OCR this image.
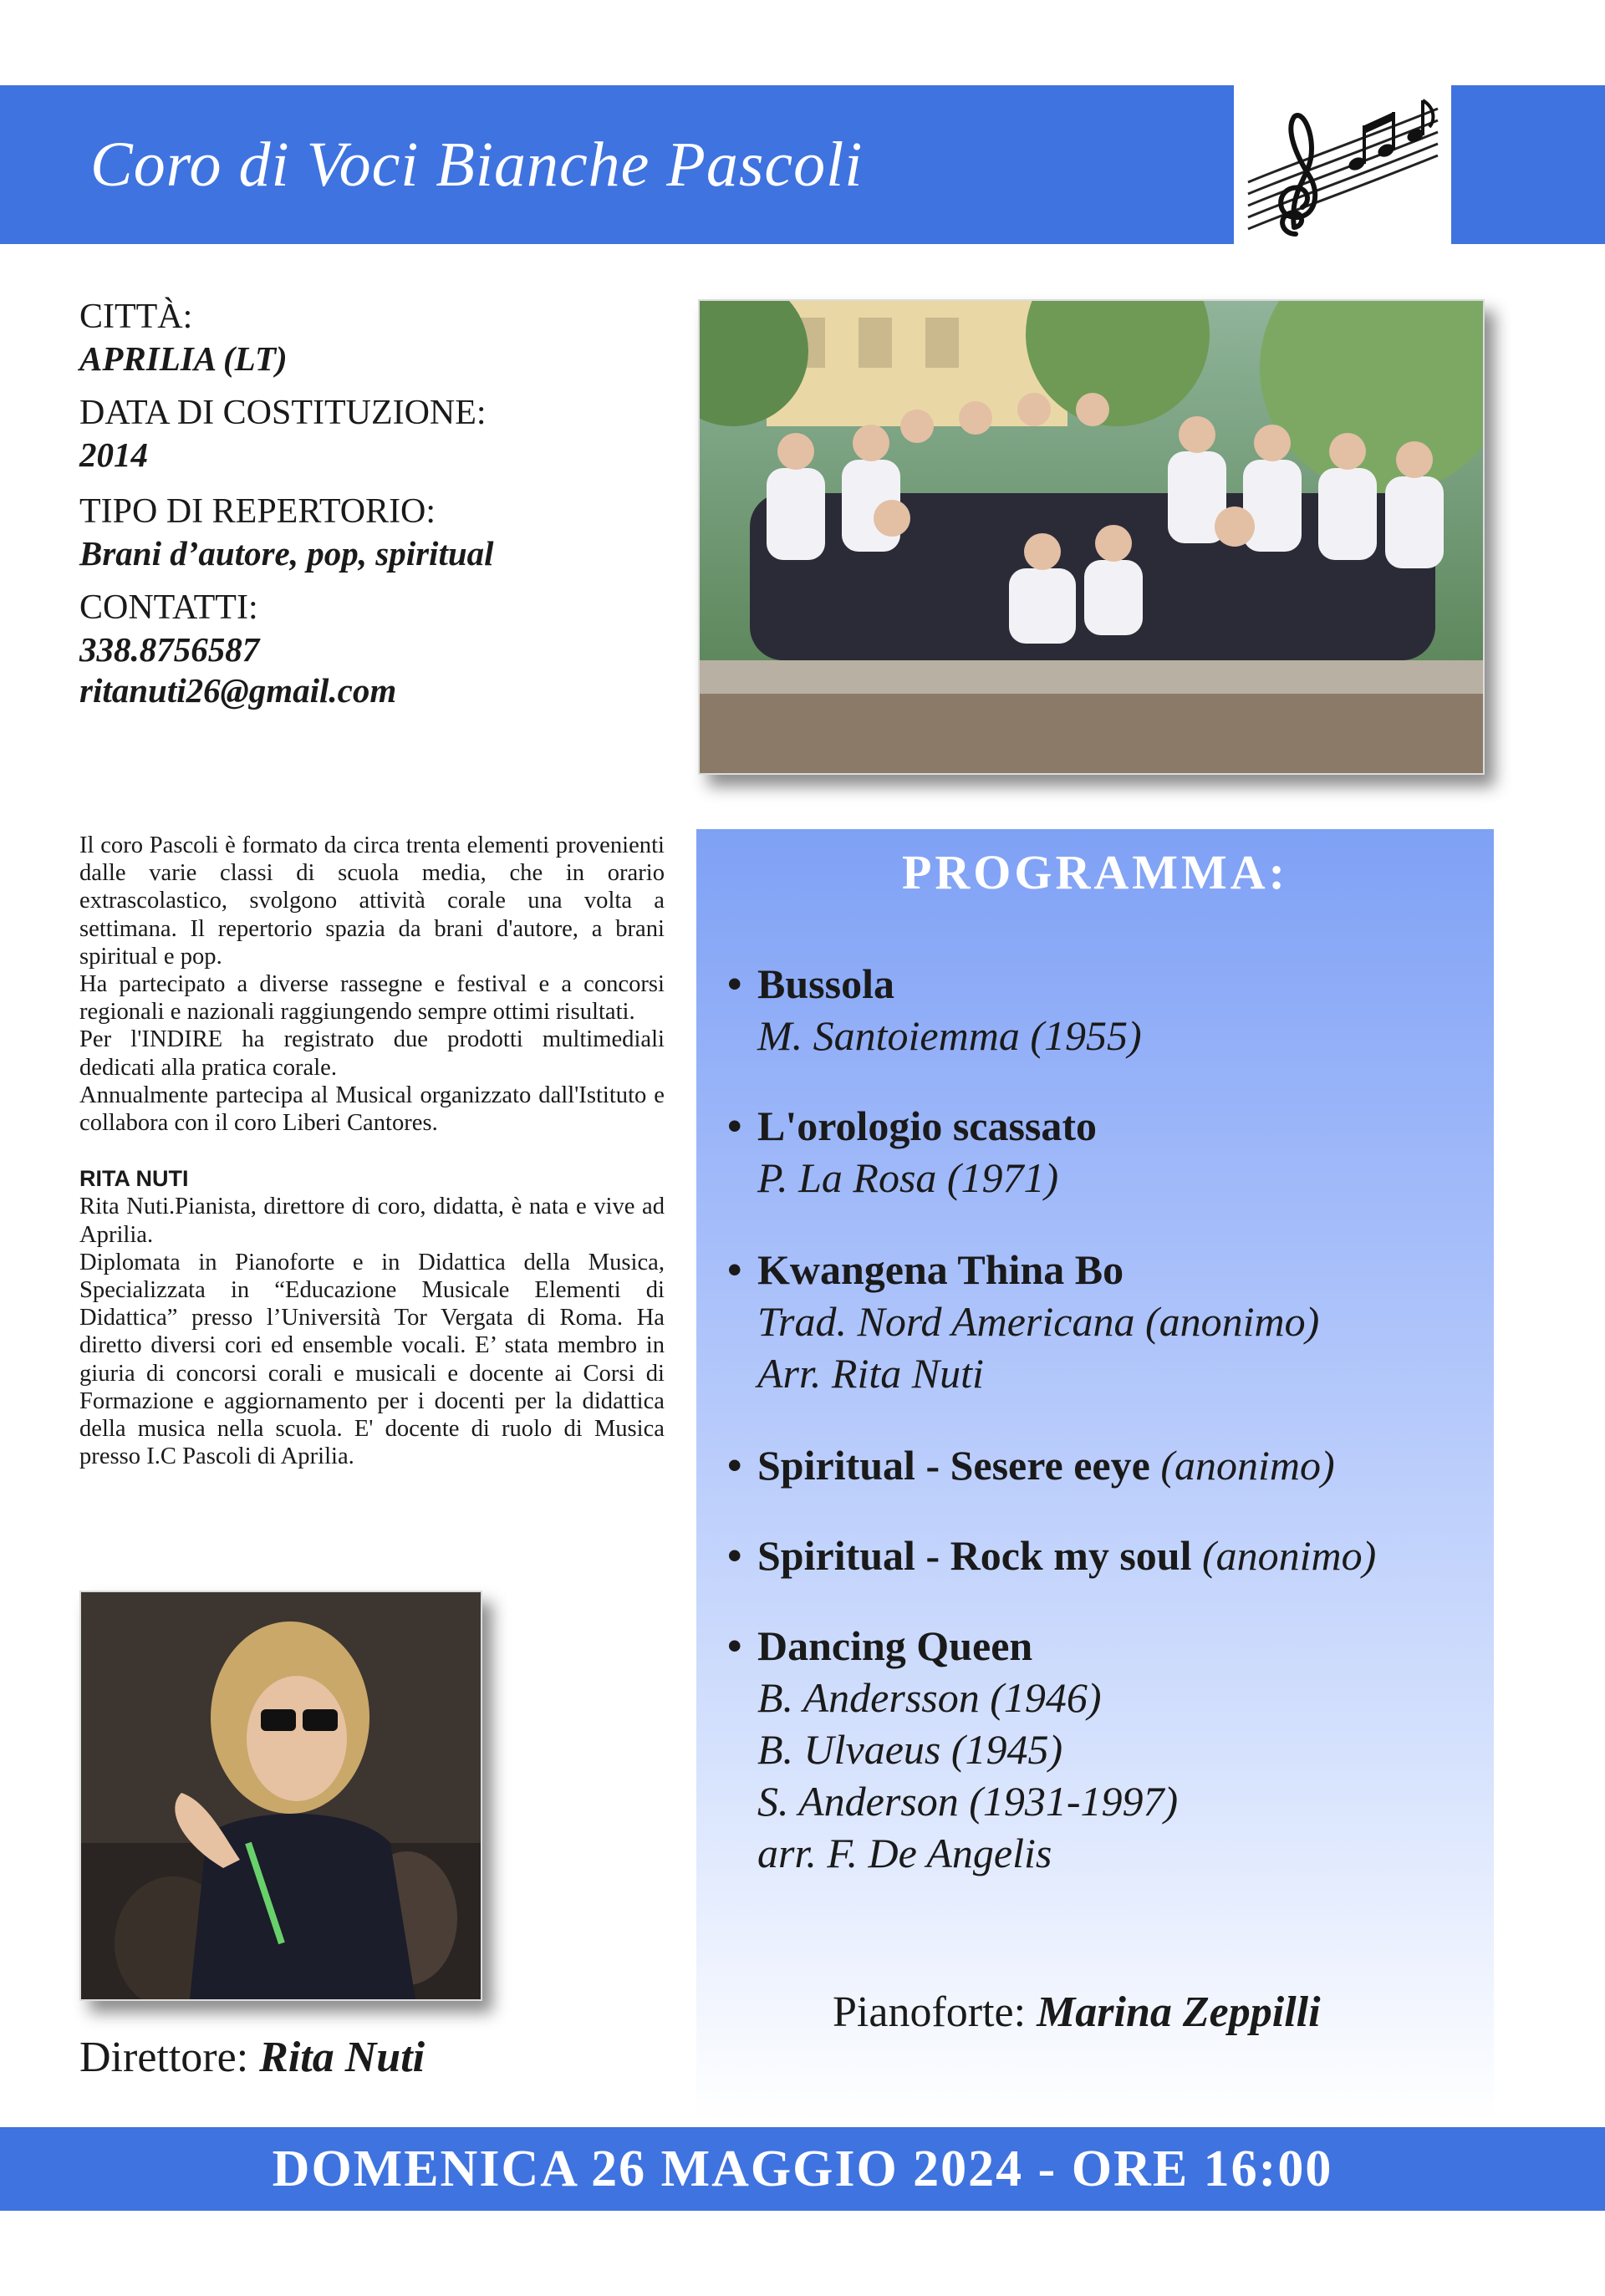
Coro di Voci Bianche Pascoli
CITTÀ:
APRILIA (LT)
DATA DI COSTITUZIONE:
2014
TIPO DI REPERTORIO:
Brani d’autore, pop, spiritual
CONTATTI:
338.8756587
ritanuti26@gmail.com

Il coro Pascoli è formato da circa trenta elementi provenienti dalle varie classi di scuola media, che in orario extrascolastico, svolgono attività corale una volta a settimana. Il repertorio spazia da brani d'autore, a brani spiritual e pop.

Ha partecipato a diverse rassegne e festival e a concorsi regionali e nazionali raggiungendo sempre ottimi risultati.

Per l'INDIRE ha registrato due prodotti multimediali dedicati alla pratica corale.

Annualmente partecipa al Musical organizzato dall'Istituto e collabora con il coro Liberi Cantores.

RITA NUTI

Rita Nuti.Pianista, direttore di coro, didatta, è nata e vive ad Aprilia.

Diplomata in Pianoforte e in Didattica della Musica, Specializzata in “Educazione Musicale Elementi di Didattica” presso l’Università Tor Vergata di Roma. Ha diretto diversi cori ed ensemble vocali. E’ stata membro in giuria di concorsi corali e musicali e docente ai Corsi di Formazione e aggiornamento per i docenti per la didattica della musica nella scuola. E' docente di ruolo di Musica presso I.C Pascoli di Aprilia.

PROGRAMMA:
• Bussola
M. Santoiemma (1955)
• L'orologio scassato
P. La Rosa (1971)
• Kwangena Thina Bo
Trad. Nord Americana (anonimo)
Arr. Rita Nuti
• Spiritual - Sesere eeye (anonimo)
• Spiritual - Rock my soul (anonimo)
• Dancing Queen
B. Andersson (1946)
B. Ulvaeus (1945)
S. Anderson (1931-1997)
arr. F. De Angelis
Pianoforte: Marina Zeppilli
Direttore: Rita Nuti
DOMENICA 26 MAGGIO 2024 - ORE 16:00
